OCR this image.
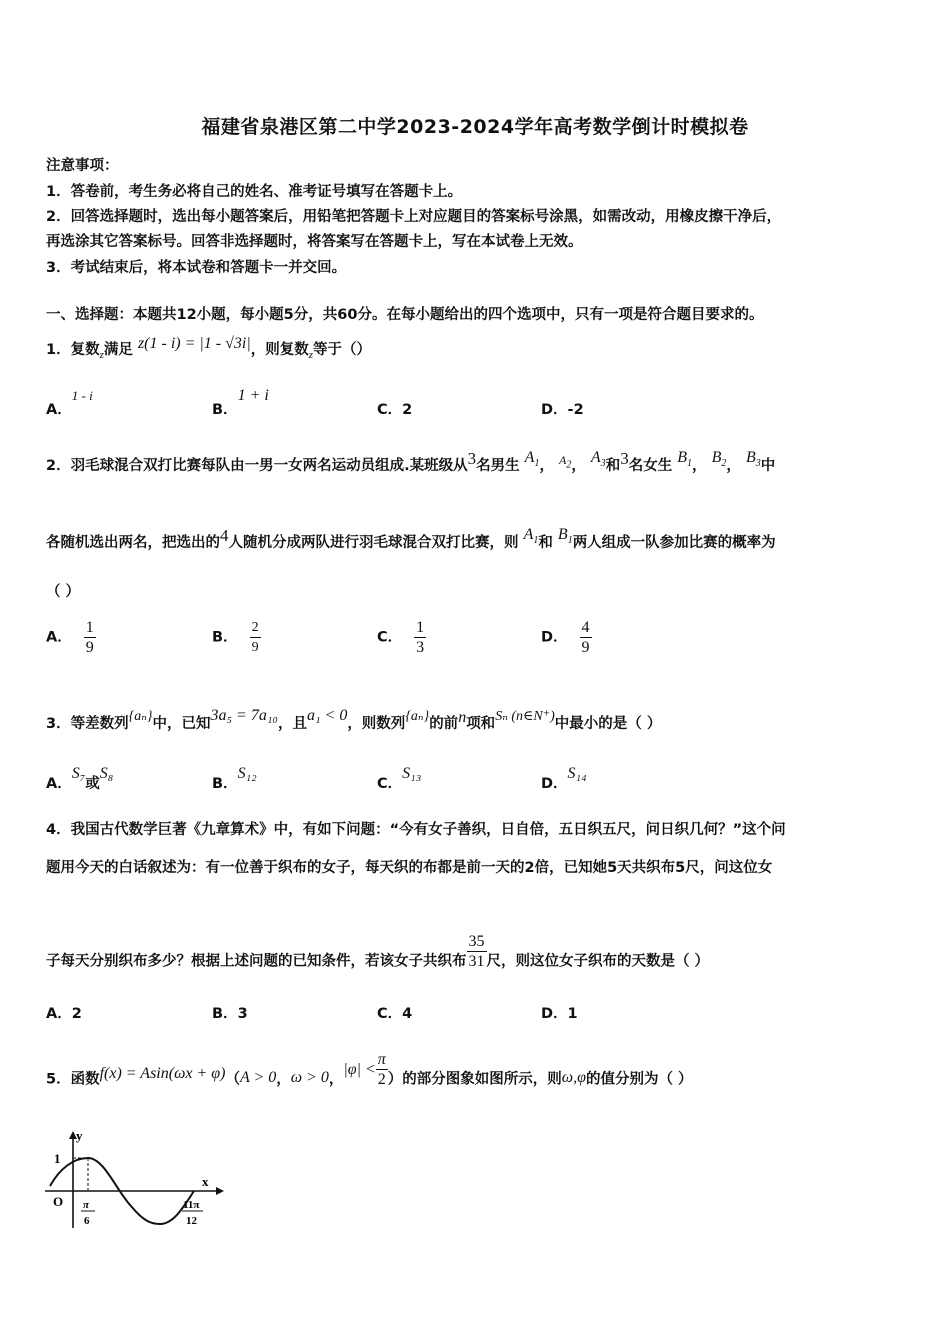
福建省泉港区第二中学2023-2024学年高考数学倒计时模拟卷
注意事项：
1．答卷前，考生务必将自己的姓名、准考证号填写在答题卡上。
2．回答选择题时，选出每小题答案后，用铅笔把答题卡上对应题目的答案标号涂黑，如需改动，用橡皮擦干净后，
再选涂其它答案标号。回答非选择题时，将答案写在答题卡上，写在本试卷上无效。
3．考试结束后，将本试卷和答题卡一并交回。
一、选择题：本题共12小题，每小题5分，共60分。在每小题给出的四个选项中，只有一项是符合题目要求的。
1．复数$_z$满足 z(1 - i) = |1 - √3i|，则复数$_z$等于（）
A．1 - i
B．1 + i
C．2	D．-2
2．羽毛球混合双打比赛每队由一男一女两名运动员组成.某班级从3名男生 $A_1$， $^{A_2}$， $A_3$和3名女生 $B_1$， $B_2$， $B_3$中
各随机选出两名，把选出的4人随机分成两队进行羽毛球混合双打比赛，则 $A_1$和 $B_1$两人组成一队参加比赛的概率为
（ ）
A． $\frac{1}{9}$	B． $\frac{2}{9}$	C． $\frac{1}{3}$	D． $\frac{4}{9}$
3．等差数列{aₙ}中，已知3a₅ = 7a₁₀，且a₁ < 0，则数列{aₙ}的前n项和Sₙ (n∈N⁺)中最小的是（ ）
A．S₇或S₈
B．S₁₂
C．S₁₃
D．S₁₄
4．我国古代数学巨著《九章算术》中，有如下问题：“今有女子善织，日自倍，五日织五尺，问日织几何？”这个问
题用今天的白话叙述为：有一位善于织布的女子，每天织的布都是前一天的2倍，已知她5天共织布5尺，问这位女
子每天分别织布多少？根据上述问题的已知条件，若该女子共织布 $\frac{35}{31}$ 尺，则这位女子织布的天数是（ ）
A．2	B．3	C．4	D．1
5．函数f(x) = Asin(ωx + φ)（A > 0，ω > 0，$|\varphi| < \frac{\pi}{2}$ ）的部分图象如图所示，则ω,φ的值分别为（ ）
y
x
O
1
π
6
11π
12
